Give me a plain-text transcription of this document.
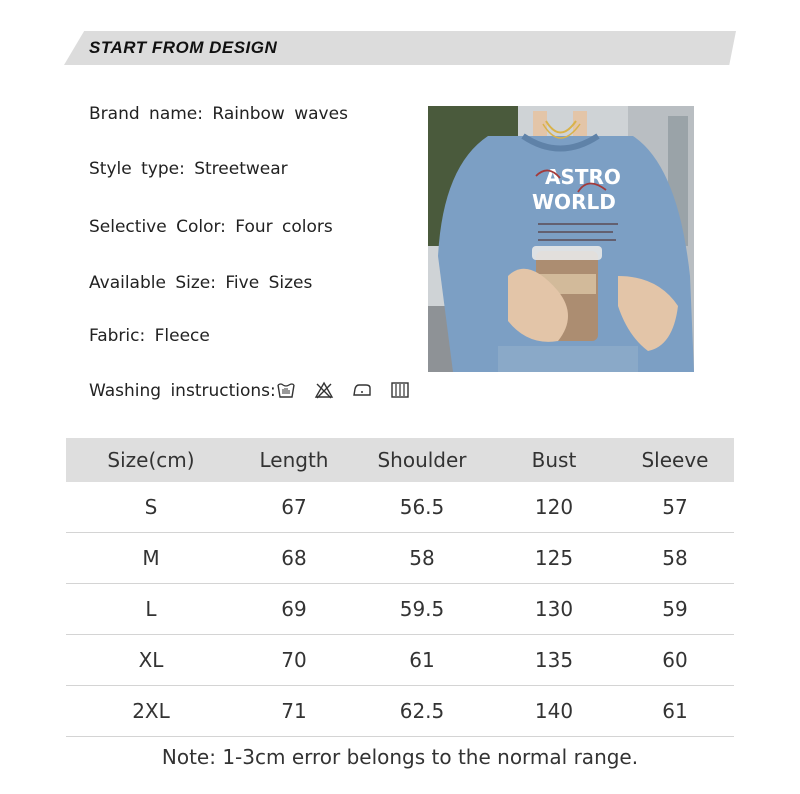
START FROM DESIGN
Brand name: Rainbow waves
Style type: Streetwear
Selective Color: Four colors
Available Size: Five Sizes
Fabric: Fleece
Washing instructions:
ASTRO
WORLD
Size(cm)	Length	Shoulder	Bust	Sleeve
S	67	56.5	120	57
M	68	58	125	58
L	69	59.5	130	59
XL	70	61	135	60
2XL	71	62.5	140	61
Note: 1-3cm error belongs to the normal range.
